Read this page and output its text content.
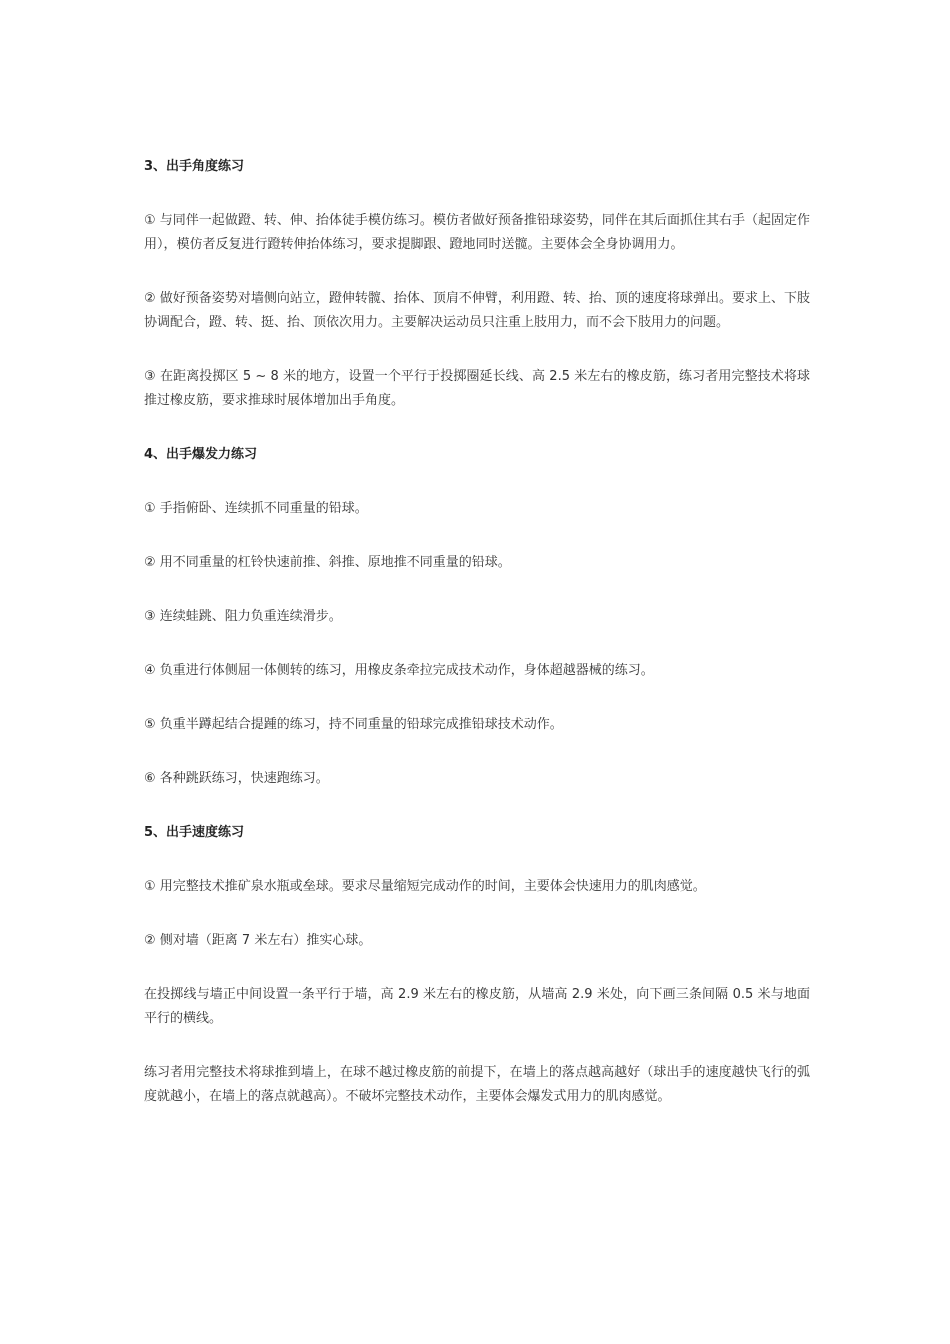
3、出手角度练习

① 与同伴一起做蹬、转、伸、抬体徒手模仿练习。模仿者做好预备推铅球姿势，同伴在其后面抓住其右手（起固定作用），模仿者反复进行蹬转伸抬体练习，要求提脚跟、蹬地同时送髋。主要体会全身协调用力。

② 做好预备姿势对墙侧向站立，蹬伸转髋、抬体、顶肩不伸臂，利用蹬、转、抬、顶的速度将球弹出。要求上、下肢协调配合，蹬、转、挺、抬、顶依次用力。主要解决运动员只注重上肢用力，而不会下肢用力的问题。

③ 在距离投掷区 5 ~ 8 米的地方，设置一个平行于投掷圈延长线、高 2.5 米左右的橡皮筋，练习者用完整技术将球推过橡皮筋，要求推球时展体增加出手角度。

4、出手爆发力练习

① 手指俯卧、连续抓不同重量的铅球。

② 用不同重量的杠铃快速前推、斜推、原地推不同重量的铅球。

③ 连续蛙跳、阻力负重连续滑步。

④ 负重进行体侧屈一体侧转的练习，用橡皮条牵拉完成技术动作，身体超越器械的练习。

⑤ 负重半蹲起结合提踵的练习，持不同重量的铅球完成推铅球技术动作。

⑥ 各种跳跃练习，快速跑练习。

5、出手速度练习

① 用完整技术推矿泉水瓶或垒球。要求尽量缩短完成动作的时间，主要体会快速用力的肌肉感觉。

② 侧对墙（距离 7 米左右）推实心球。

在投掷线与墙正中间设置一条平行于墙，高 2.9 米左右的橡皮筋，从墙高 2.9 米处，向下画三条间隔 0.5 米与地面平行的横线。

练习者用完整技术将球推到墙上，在球不越过橡皮筋的前提下，在墙上的落点越高越好（球出手的速度越快飞行的弧度就越小，在墙上的落点就越高）。不破坏完整技术动作，主要体会爆发式用力的肌肉感觉。
